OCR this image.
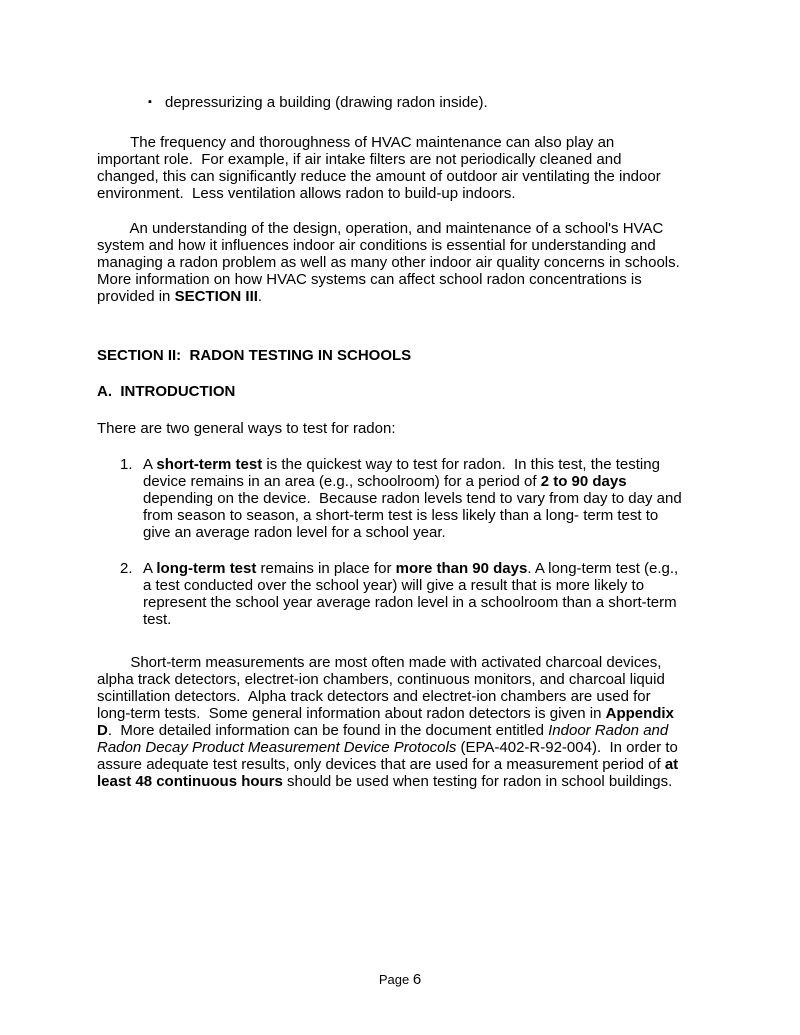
▪ depressurizing a building (drawing radon inside).
The frequency and thoroughness of HVAC maintenance can also play an
important role.  For example, if air intake filters are not periodically cleaned and
changed, this can significantly reduce the amount of outdoor air ventilating the indoor
environment.  Less ventilation allows radon to build-up indoors.
An understanding of the design, operation, and maintenance of a school's HVAC
system and how it influences indoor air conditions is essential for understanding and
managing a radon problem as well as many other indoor air quality concerns in schools.
More information on how HVAC systems can affect school radon concentrations is
provided in SECTION III.
SECTION II:  RADON TESTING IN SCHOOLS
A.  INTRODUCTION
There are two general ways to test for radon:
1. A short-term test is the quickest way to test for radon.  In this test, the testing
device remains in an area (e.g., schoolroom) for a period of 2 to 90 days
depending on the device.  Because radon levels tend to vary from day to day and
from season to season, a short-term test is less likely than a long- term test to
give an average radon level for a school year.
2. A long-term test remains in place for more than 90 days. A long-term test (e.g.,
a test conducted over the school year) will give a result that is more likely to
represent the school year average radon level in a schoolroom than a short-term
test.
Short-term measurements are most often made with activated charcoal devices,
alpha track detectors, electret-ion chambers, continuous monitors, and charcoal liquid
scintillation detectors.  Alpha track detectors and electret-ion chambers are used for
long-term tests.  Some general information about radon detectors is given in Appendix
D.  More detailed information can be found in the document entitled Indoor Radon and
Radon Decay Product Measurement Device Protocols (EPA-402-R-92-004).  In order to
assure adequate test results, only devices that are used for a measurement period of at
least 48 continuous hours should be used when testing for radon in school buildings.
Page 6
